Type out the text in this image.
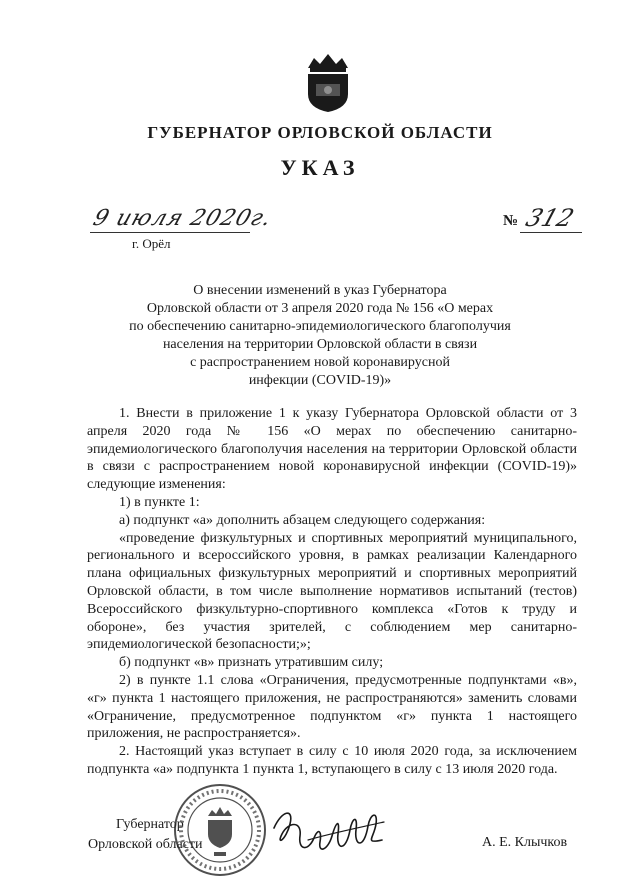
ГУБЕРНАТОР ОРЛОВСКОЙ ОБЛАСТИ
УКАЗ
9 июля 2020г.
г. Орёл
№ 312
О внесении изменений в указ Губернатора
Орловской области от 3 апреля 2020 года № 156 «О мерах
по обеспечению санитарно-эпидемиологического благополучия
населения на территории Орловской области в связи
с распространением новой коронавирусной
инфекции (COVID-19)»

1. Внести в приложение 1 к указу Губернатора Орловской области от 3 апреля 2020 года № 156 «О мерах по обеспечению санитарно-эпидемиологического благополучия населения на территории Орловской области в связи с распространением новой коронавирусной инфекции (COVID-19)» следующие изменения:

1) в пункте 1:

а) подпункт «а» дополнить абзацем следующего содержания:

«проведение физкультурных и спортивных мероприятий муниципального, регионального и всероссийского уровня, в рамках реализации Календарного плана официальных физкультурных мероприятий и спортивных мероприятий Орловской области, в том числе выполнение нормативов испытаний (тестов) Всероссийского физкультурно-спортивного комплекса «Готов к труду и обороне», без участия зрителей, с соблюдением мер санитарно-эпидемиологической безопасности;»;

б) подпункт «в» признать утратившим силу;

2) в пункте 1.1 слова «Ограничения, предусмотренные подпунктами «в», «г» пункта 1 настоящего приложения, не распространяются» заменить словами «Ограничение, предусмотренное подпунктом «г» пункта 1 настоящего приложения, не распространяется».

2. Настоящий указ вступает в силу с 10 июля 2020 года, за исключением подпункта «а» подпункта 1 пункта 1, вступающего в силу с 13 июля 2020 года.

Губернатор
Орловской области	А. Е. Клычков
